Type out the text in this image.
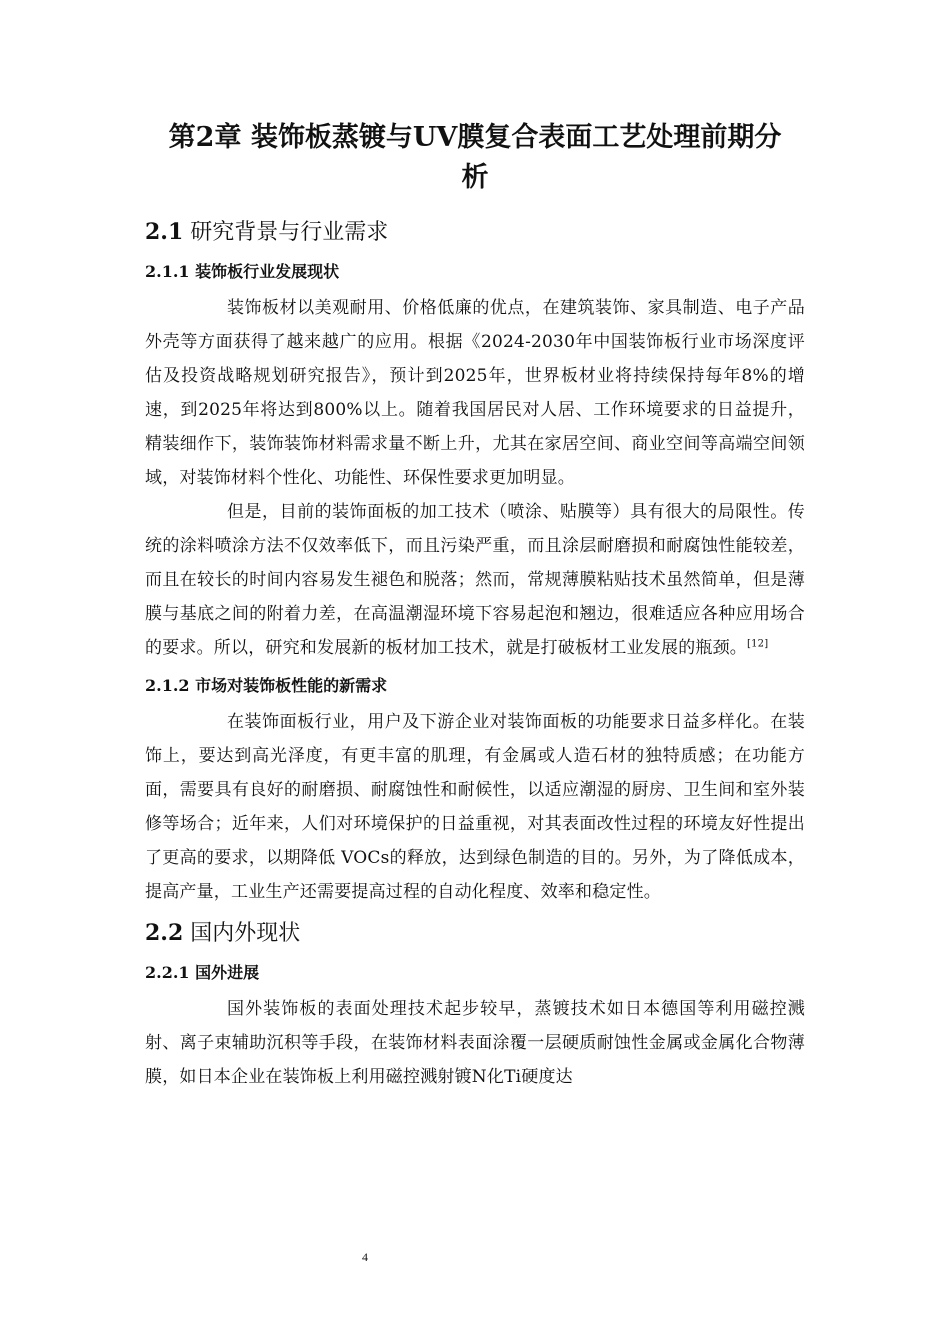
第2章 装饰板蒸镀与UV膜复合表面工艺处理前期分
析
2.1 研究背景与行业需求
2.1.1 装饰板行业发展现状

装饰板材以美观耐用、价格低廉的优点，在建筑装饰、家具制造、电子产品外壳等方面获得了越来越广的应用。根据《2024-2030年中国装饰板行业市场深度评估及投资战略规划研究报告》，预计到2025年，世界板材业将持续保持每年8%的增速，到2025年将达到800%以上。随着我国居民对人居、工作环境要求的日益提升，精装细作下，装饰装饰材料需求量不断上升，尤其在家居空间、商业空间等高端空间领域，对装饰材料个性化、功能性、环保性要求更加明显。

但是，目前的装饰面板的加工技术（喷涂、贴膜等）具有很大的局限性。传统的涂料喷涂方法不仅效率低下，而且污染严重，而且涂层耐磨损和耐腐蚀性能较差，而且在较长的时间内容易发生褪色和脱落；然而，常规薄膜粘贴技术虽然简单，但是薄膜与基底之间的附着力差，在高温潮湿环境下容易起泡和翘边，很难适应各种应用场合的要求。所以，研究和发展新的板材加工技术，就是打破板材工业发展的瓶颈。[12]

2.1.2 市场对装饰板性能的新需求

在装饰面板行业，用户及下游企业对装饰面板的功能要求日益多样化。在装饰上，要达到高光泽度，有更丰富的肌理，有金属或人造石材的独特质感；在功能方面，需要具有良好的耐磨损、耐腐蚀性和耐候性，以适应潮湿的厨房、卫生间和室外装修等场合；近年来，人们对环境保护的日益重视，对其表面改性过程的环境友好性提出了更高的要求，以期降低 VOCs的释放，达到绿色制造的目的。另外，为了降低成本，提高产量，工业生产还需要提高过程的自动化程度、效率和稳定性。

2.2 国内外现状
2.2.1 国外进展

国外装饰板的表面处理技术起步较早，蒸镀技术如日本德国等利用磁控溅射、离子束辅助沉积等手段，在装饰材料表面涂覆一层硬质耐蚀性金属或金属化合物薄膜，如日本企业在装饰板上利用磁控溅射镀N化Ti硬度达

4
